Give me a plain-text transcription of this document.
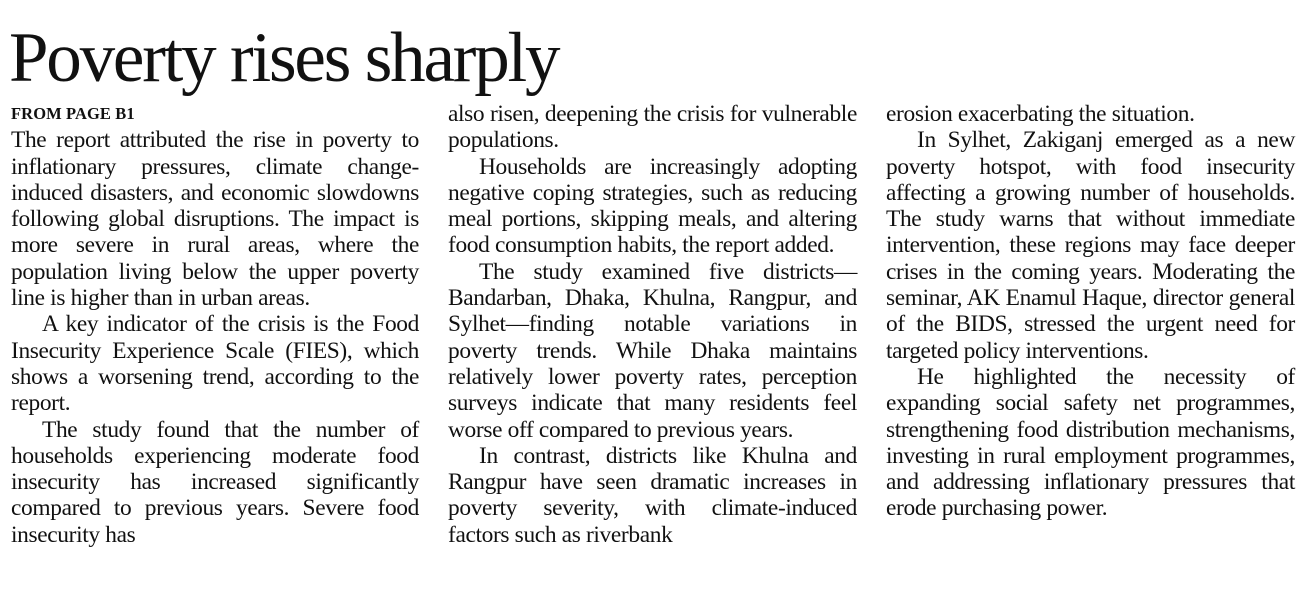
Poverty rises sharply
FROM PAGE B1

The report attributed the rise in poverty to inflationary pressures, climate change-induced disasters, and economic slowdowns following global disruptions. The impact is more severe in rural areas, where the population living below the upper poverty line is higher than in urban areas.

A key indicator of the crisis is the Food Insecurity Experience Scale (FIES), which shows a worsening trend, according to the report.

The study found that the number of households experiencing moderate food insecurity has increased significantly compared to previous years. Severe food insecurity has

also risen, deepening the crisis for vulnerable populations.

Households are increasingly adopting negative coping strategies, such as reducing meal portions, skipping meals, and altering food consumption habits, the report added.

The study examined five districts—Bandarban, Dhaka, Khulna, Rangpur, and Sylhet—finding notable variations in poverty trends. While Dhaka maintains relatively lower poverty rates, perception surveys indicate that many residents feel worse off compared to previous years.

In contrast, districts like Khulna and Rangpur have seen dramatic increases in poverty severity, with climate-induced factors such as riverbank

erosion exacerbating the situation.

In Sylhet, Zakiganj emerged as a new poverty hotspot, with food insecurity affecting a growing number of households. The study warns that without immediate intervention, these regions may face deeper crises in the coming years. Moderating the seminar, AK Enamul Haque, director general of the BIDS, stressed the urgent need for targeted policy interventions.

He highlighted the necessity of expanding social safety net programmes, strengthening food distribution mechanisms, investing in rural employment programmes, and addressing inflationary pressures that erode purchasing power.
